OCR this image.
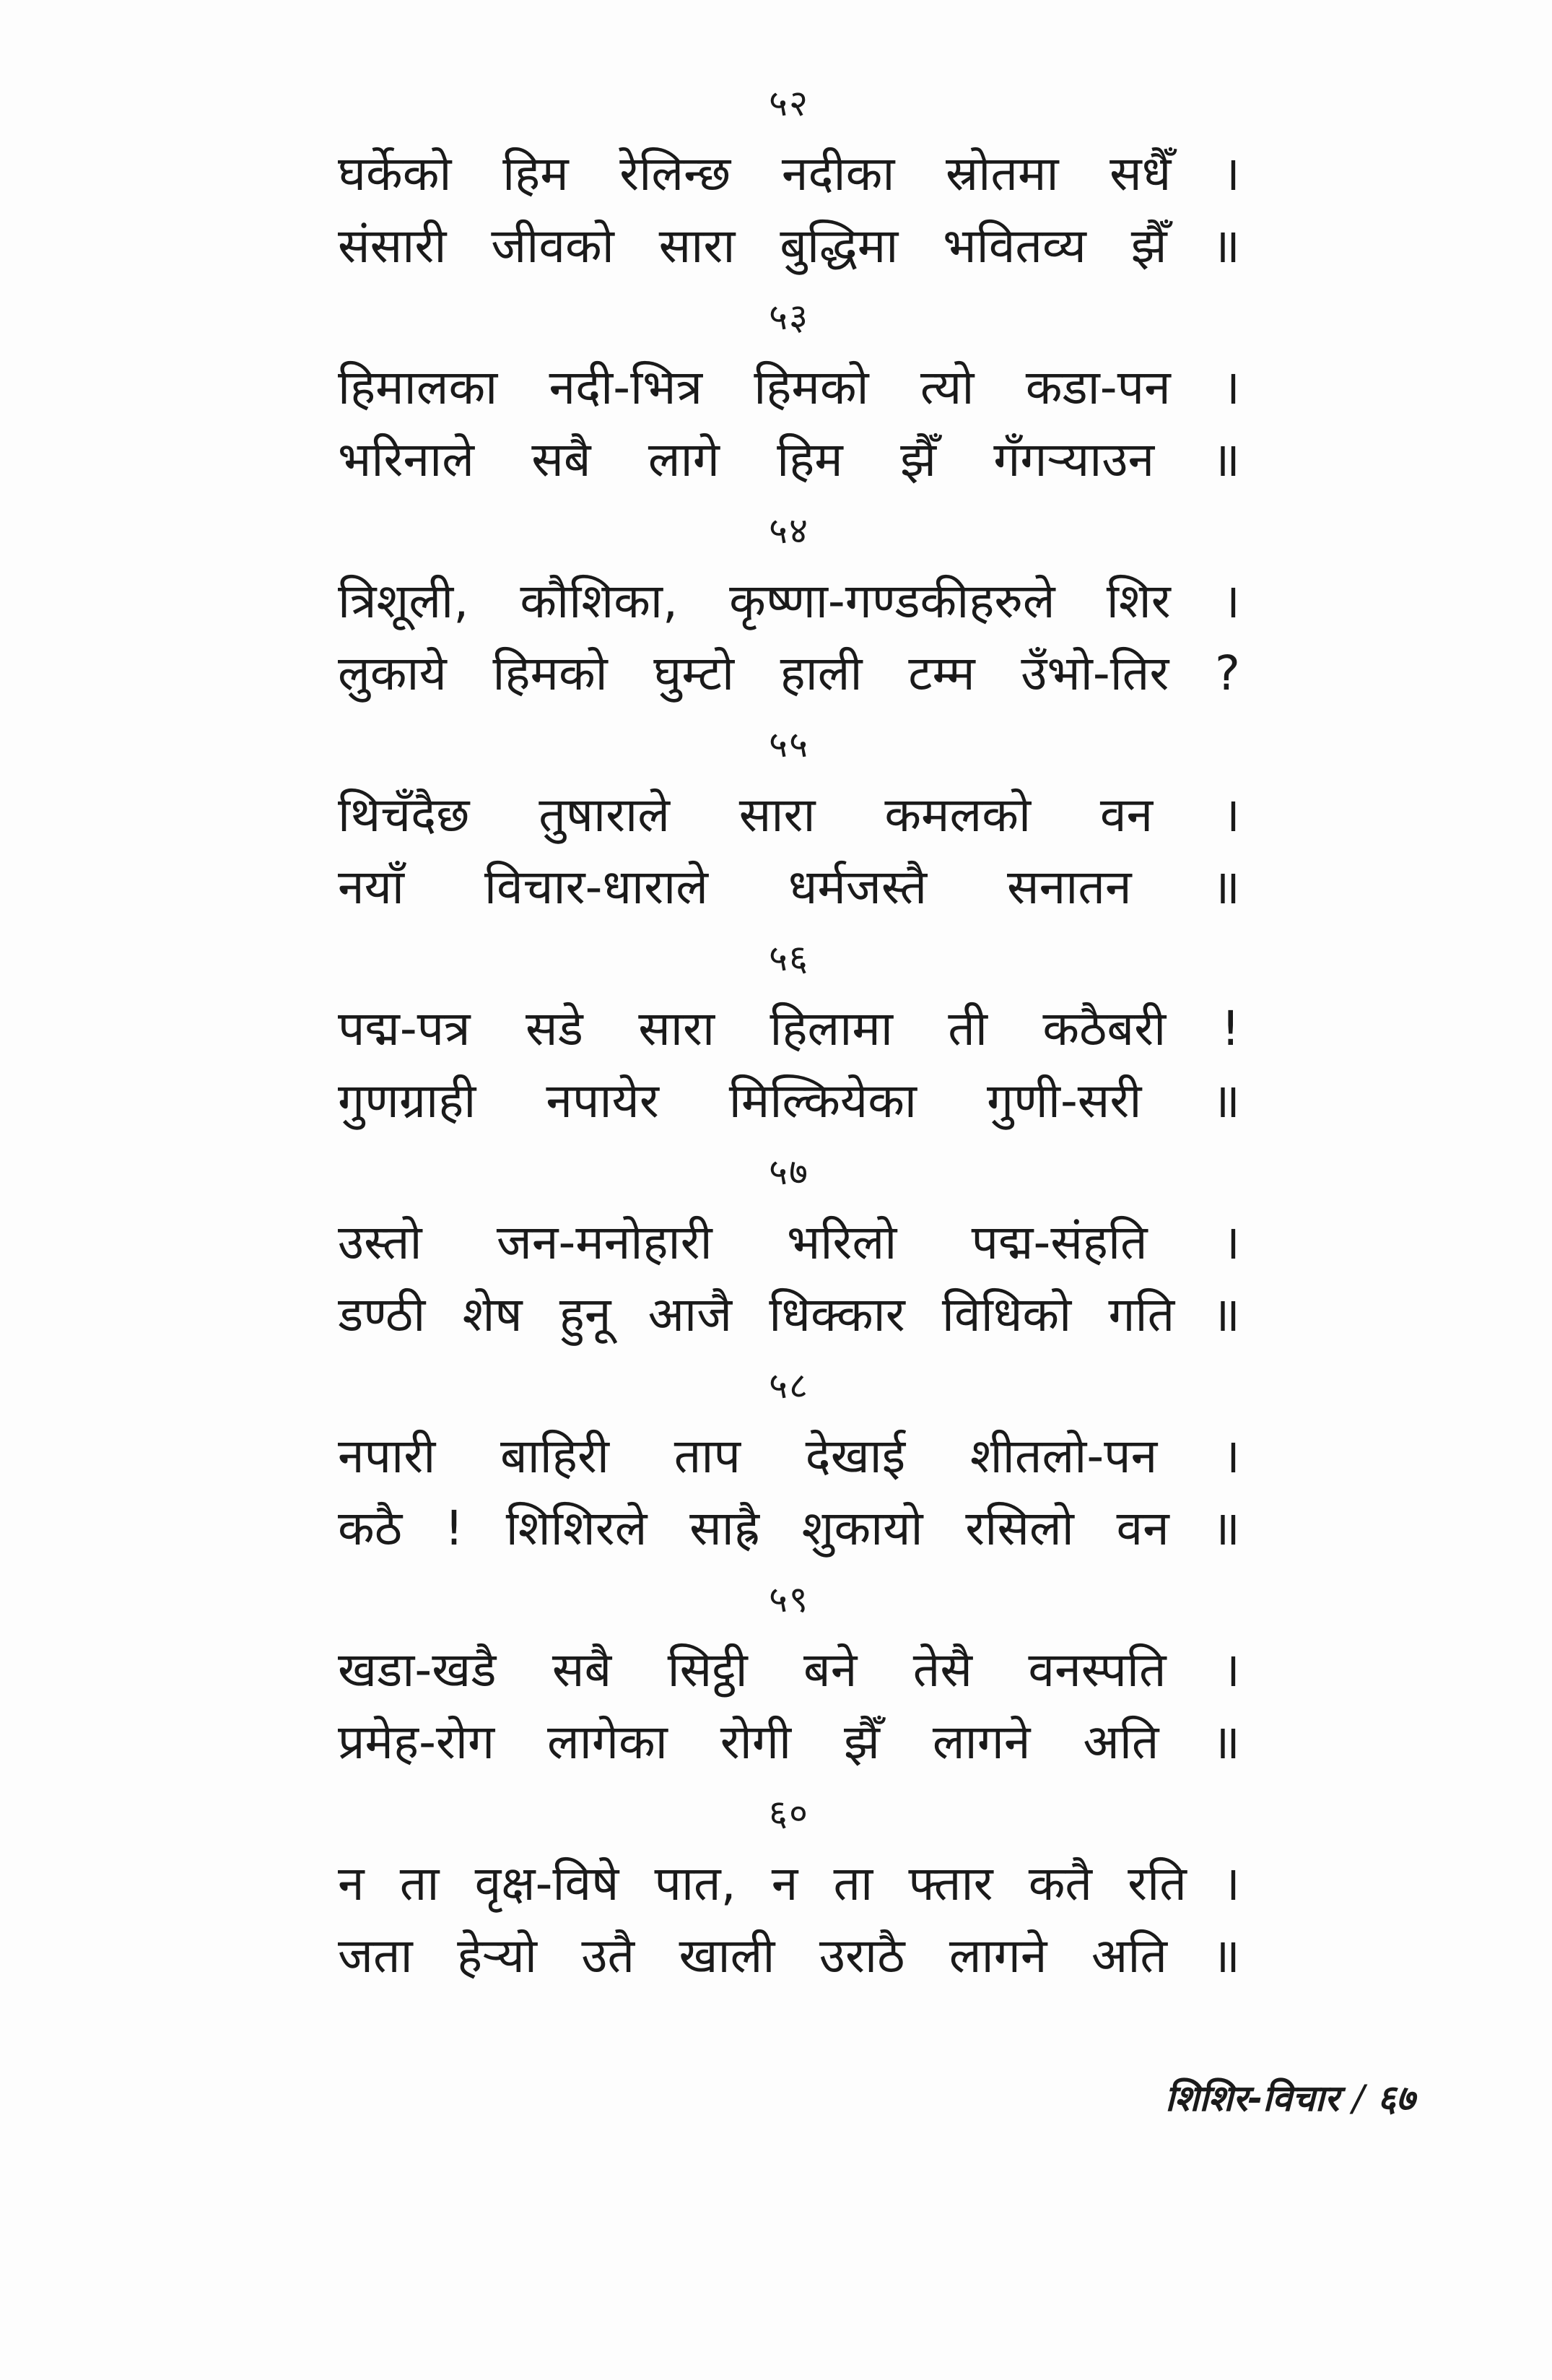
५२
घर्केको हिम रेलिन्छ नदीका स्रोतमा सधैँ ।
संसारी जीवको सारा बुद्धिमा भवितव्य झैँ ॥
५३
हिमालका नदी-भित्र हिमको त्यो कडा-पन ।
भरिनाले सबै लागे हिम झैँ गँगऱ्याउन ॥
५४
त्रिशूली, कौशिका, कृष्णा-गण्डकीहरुले शिर ।
लुकाये हिमको घुम्टो हाली टम्म उँभो-तिर ?
५५
थिचँदैछ तुषाराले सारा कमलको वन ।
नयाँ विचार-धाराले धर्मजस्तै सनातन ॥
५६
पद्म-पत्र सडे सारा हिलामा ती कठैबरी !
गुणग्राही नपायेर मिल्कियेका गुणी-सरी ॥
५७
उस्तो जन-मनोहारी भरिलो पद्म-संहति ।
डण्ठी शेष हुनू आजै धिक्कार विधिको गति ॥
५८
नपारी बाहिरी ताप देखाई शीतलो-पन ।
कठै ! शिशिरले साह्रै शुकायो रसिलो वन ॥
५९
खडा-खडै सबै सिट्ठी बने तेसै वनस्पति ।
प्रमेह-रोग लागेका रोगी झैँ लागने अति ॥
६०
न ता वृक्ष-विषे पात, न ता फ्तार कतै रति ।
जता हेऱ्यो उतै खाली उराठै लागने अति ॥
शिशिर-विचार / ६७
